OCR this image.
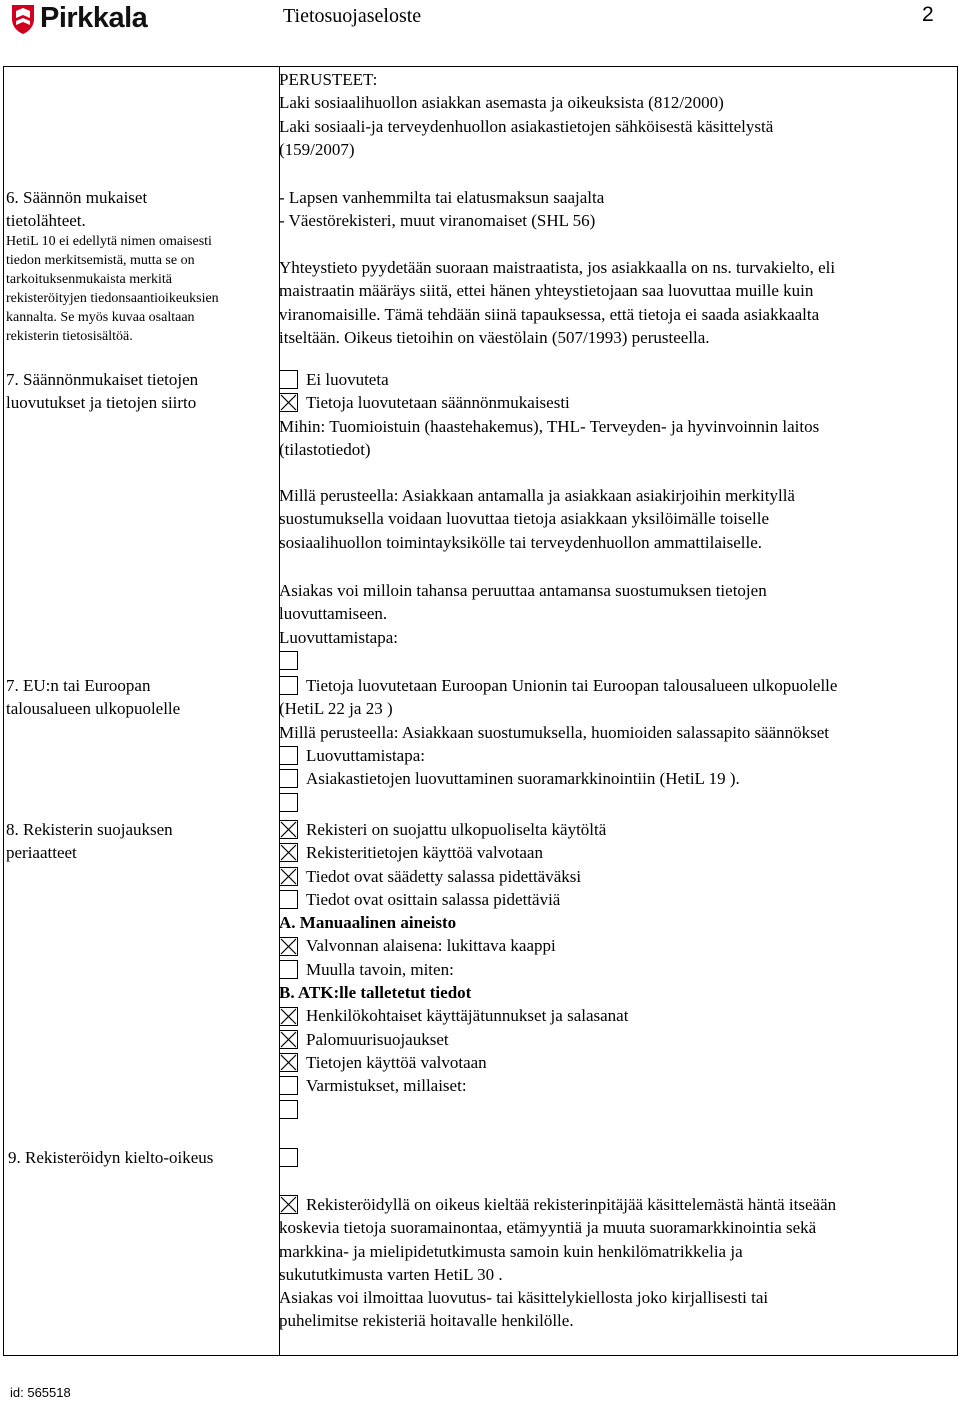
Pirkkala	Tietosuojaseloste	2
PERUSTEET:
Laki sosiaalihuollon asiakkan asemasta ja oikeuksista (812/2000)
Laki sosiaali-ja terveydenhuollon asiakastietojen sähköisestä käsittelystä
(159/2007)
6. Säännön mukaiset
tietolähteet.
HetiL 10 ei edellytä nimen omaisesti
tiedon merkitsemistä, mutta se on
tarkoituksenmukaista merkitä
rekisteröityjen tiedonsaantioikeuksien
kannalta. Se myös kuvaa osaltaan
rekisterin tietosisältöä.
- Lapsen vanhemmilta tai elatusmaksun saajalta
- Väestörekisteri, muut viranomaiset (SHL 56)
Yhteystieto pyydetään suoraan maistraatista, jos asiakkaalla on ns. turvakielto, eli
maistraatin määräys siitä, ettei hänen yhteystietojaan saa luovuttaa muille kuin
viranomaisille. Tämä tehdään siinä tapauksessa, että tietoja ei saada asiakkaalta
itseltään. Oikeus tietoihin on väestölain (507/1993) perusteella.
7. Säännönmukaiset tietojen
luovutukset ja tietojen siirto
Ei luovuteta
Tietoja luovutetaan säännönmukaisesti
Mihin: Tuomioistuin (haastehakemus), THL- Terveyden- ja hyvinvoinnin laitos
(tilastotiedot)
Millä perusteella: Asiakkaan antamalla ja asiakkaan asiakirjoihin merkityllä
suostumuksella voidaan luovuttaa tietoja asiakkaan yksilöimälle toiselle
sosiaalihuollon toimintayksikölle tai terveydenhuollon ammattilaiselle.
Asiakas voi milloin tahansa peruuttaa antamansa suostumuksen tietojen
luovuttamiseen.
Luovuttamistapa:
7. EU:n tai Euroopan
talousalueen ulkopuolelle
Tietoja luovutetaan Euroopan Unionin tai Euroopan talousalueen ulkopuolelle
(HetiL 22 ja 23 )
Millä perusteella: Asiakkaan suostumuksella, huomioiden salassapito säännökset
Luovuttamistapa:
Asiakastietojen luovuttaminen suoramarkkinointiin (HetiL 19 ).
8. Rekisterin suojauksen
periaatteet
Rekisteri on suojattu ulkopuoliselta käytöltä
Rekisteritietojen käyttöä valvotaan
Tiedot ovat säädetty salassa pidettäväksi
Tiedot ovat osittain salassa pidettäviä
A. Manuaalinen aineisto
Valvonnan alaisena: lukittava kaappi
Muulla tavoin, miten:
B. ATK:lle talletetut tiedot
Henkilökohtaiset käyttäjätunnukset ja salasanat
Palomuurisuojaukset
Tietojen käyttöä valvotaan
Varmistukset, millaiset:
9. Rekisteröidyn kielto-oikeus
Rekisteröidyllä on oikeus kieltää rekisterinpitäjää käsittelemästä häntä itseään
koskevia tietoja suoramainontaa, etämyyntiä ja muuta suoramarkkinointia sekä
markkina- ja mielipidetutkimusta samoin kuin henkilömatrikkelia ja
sukututkimusta varten HetiL 30 .
Asiakas voi ilmoittaa luovutus- tai käsittelykiellosta joko kirjallisesti tai
puhelimitse rekisteriä hoitavalle henkilölle.
id: 565518
